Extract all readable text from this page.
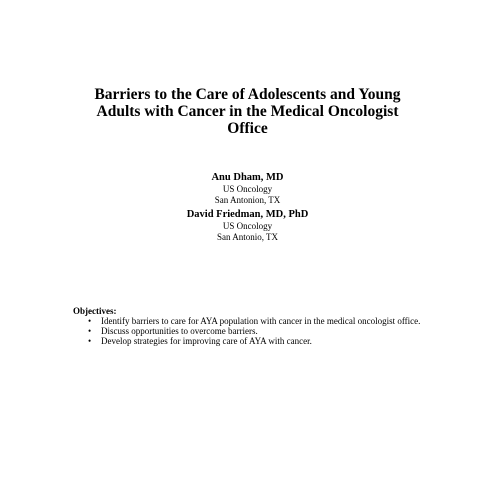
Barriers to the Care of Adolescents and Young
Adults with Cancer in the Medical Oncologist
Office
Anu Dham, MD
US Oncology
San Antonion, TX
David Friedman, MD, PhD
US Oncology
San Antonio, TX

Objectives:

• Identify barriers to care for AYA population with cancer in the medical oncologist office.
• Discuss opportunities to overcome barriers.
• Develop strategies for improving care of AYA with cancer.
